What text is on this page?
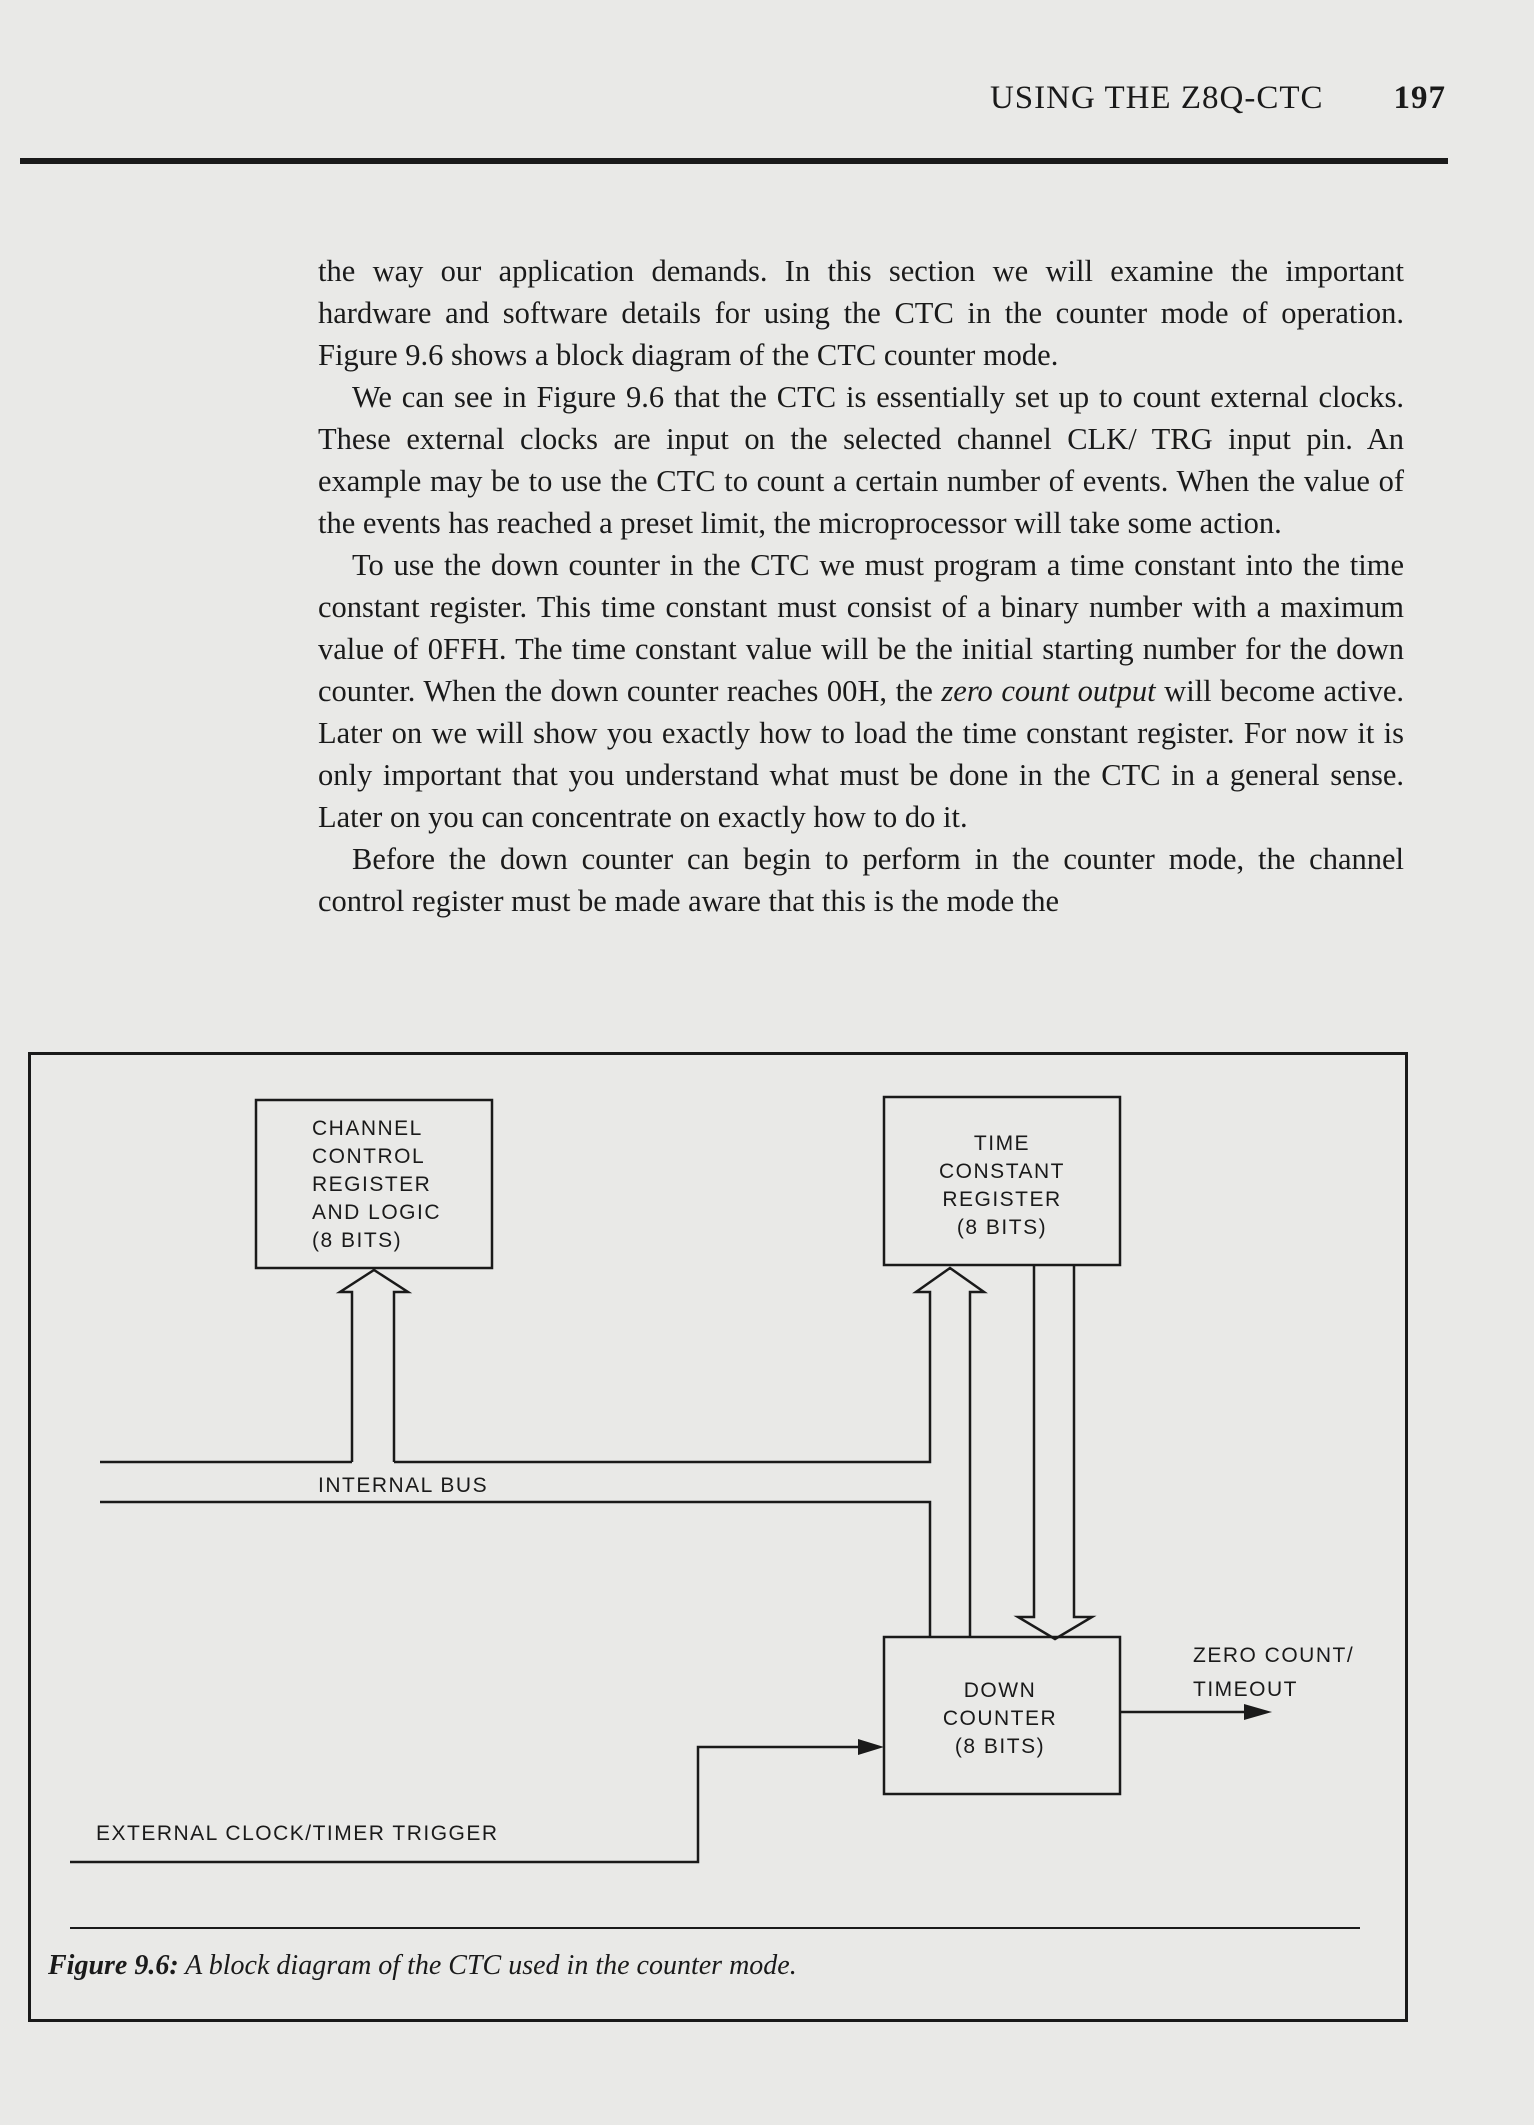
USING THE Z8Q-CTC 197

the way our application demands. In this section we will examine the important hardware and software details for using the CTC in the counter mode of operation. Figure 9.6 shows a block diagram of the CTC counter mode.

We can see in Figure 9.6 that the CTC is essentially set up to count external clocks. These external clocks are input on the selected channel CLK/ TRG input pin. An example may be to use the CTC to count a certain number of events. When the value of the events has reached a preset limit, the microprocessor will take some action.

To use the down counter in the CTC we must program a time constant into the time constant register. This time constant must consist of a binary number with a maximum value of 0FFH. The time constant value will be the initial starting number for the down counter. When the down counter reaches 00H, the zero count output will become active. Later on we will show you exactly how to load the time constant register. For now it is only important that you understand what must be done in the CTC in a general sense. Later on you can concentrate on exactly how to do it.

Before the down counter can begin to perform in the counter mode, the channel control register must be made aware that this is the mode the

CHANNEL
CONTROL
REGISTER
AND LOGIC
(8 BITS)
TIME
CONSTANT
REGISTER
(8 BITS)
DOWN
COUNTER
(8 BITS)
INTERNAL BUS
EXTERNAL CLOCK/TIMER TRIGGER
ZERO COUNT/
TIMEOUT
Figure 9.6: A block diagram of the CTC used in the counter mode.
